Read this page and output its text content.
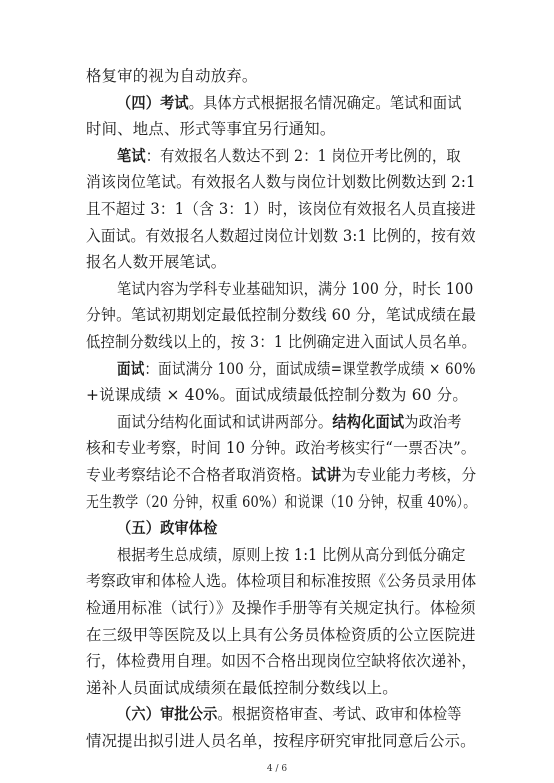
格复审的视为自动放弃。
（四）考试。具体方式根据报名情况确定。笔试和面试
时间、地点、形式等事宜另行通知。
笔试：有效报名人数达不到 2：1 岗位开考比例的，取
消该岗位笔试。有效报名人数与岗位计划数比例数达到 2:1
且不超过 3：1（含 3：1）时，该岗位有效报名人员直接进
入面试。有效报名人数超过岗位计划数 3:1 比例的，按有效
报名人数开展笔试。
笔试内容为学科专业基础知识，满分 100 分，时长 100
分钟。笔试初期划定最低控制分数线 60 分，笔试成绩在最
低控制分数线以上的，按 3：1 比例确定进入面试人员名单。
面试：面试满分 100 分，面试成绩=课堂教学成绩 × 60%
+说课成绩 × 40%。面试成绩最低控制分数为 60 分。
面试分结构化面试和试讲两部分。结构化面试为政治考
核和专业考察，时间 10 分钟。政治考核实行“一票否决”。
专业考察结论不合格者取消资格。试讲为专业能力考核，分
无生教学（20 分钟，权重 60%）和说课（10 分钟，权重 40%）。
（五）政审体检
根据考生总成绩，原则上按 1:1 比例从高分到低分确定
考察政审和体检人选。体检项目和标准按照《公务员录用体
检通用标准（试行）》及操作手册等有关规定执行。体检须
在三级甲等医院及以上具有公务员体检资质的公立医院进
行，体检费用自理。如因不合格出现岗位空缺将依次递补，
递补人员面试成绩须在最低控制分数线以上。
（六）审批公示。根据资格审查、考试、政审和体检等
情况提出拟引进人员名单，按程序研究审批同意后公示。
4 / 6
